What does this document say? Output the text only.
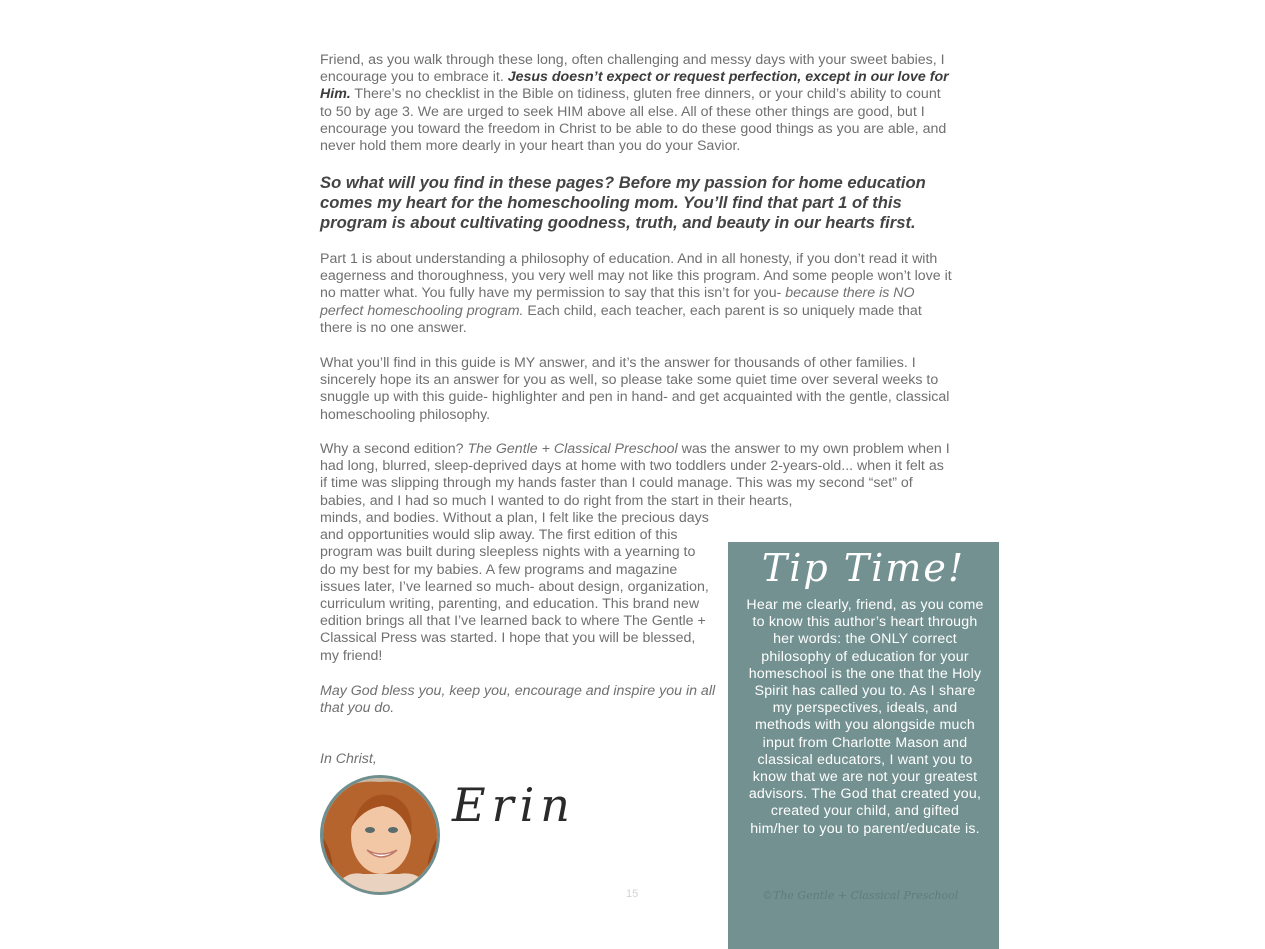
Friend, as you walk through these long, often challenging and messy days with your sweet babies, I encourage you to embrace it. Jesus doesn’t expect or request perfection, except in our love for Him. There’s no checklist in the Bible on tidiness, gluten free dinners, or your child’s ability to count to 50 by age 3. We are urged to seek HIM above all else. All of these other things are good, but I encourage you toward the freedom in Christ to be able to do these good things as you are able, and never hold them more dearly in your heart than you do your Savior.

So what will you find in these pages? Before my passion for home education comes my heart for the homeschooling mom. You’ll find that part 1 of this program is about cultivating goodness, truth, and beauty in our hearts first.

Part 1 is about understanding a philosophy of education. And in all honesty, if you don’t read it with eagerness and thoroughness, you very well may not like this program. And some people won’t love it no matter what. You fully have my permission to say that this isn’t for you- because there is NO perfect homeschooling program. Each child, each teacher, each parent is so uniquely made that there is no one answer.

What you’ll find in this guide is MY answer, and it’s the answer for thousands of other families. I sincerely hope its an answer for you as well, so please take some quiet time over several weeks to snuggle up with this guide- highlighter and pen in hand- and get acquainted with the gentle, classical homeschooling philosophy.

Why a second edition? The Gentle + Classical Preschool was the answer to my own problem when I had long, blurred, sleep-deprived days at home with two toddlers under 2-years-old... when it felt as if time was slipping through my hands faster than I could manage. This was my second “set” of babies, and I had so much I wanted to do right from the start in their hearts,

minds, and bodies. Without a plan, I felt like the precious days and opportunities would slip away. The first edition of this program was built during sleepless nights with a yearning to do my best for my babies. A few programs and magazine issues later, I’ve learned so much- about design, organization, curriculum writing, parenting, and education. This brand new edition brings all that I’ve learned back to where The Gentle + Classical Press was started. I hope that you will be blessed, my friend!

May God bless you, keep you, encourage and inspire you in all that you do.

In Christ,

Erin
15
Tip Time!

Hear me clearly, friend, as you come to know this author’s heart through her words: the ONLY correct philosophy of education for your homeschool is the one that the Holy Spirit has called you to. As I share my perspectives, ideals, and methods with you alongside much input from Charlotte Mason and classical educators, I want you to know that we are not your greatest advisors. The God that created you, created your child, and gifted him/her to you to parent/educate is.

©The Gentle + Classical Preschool
